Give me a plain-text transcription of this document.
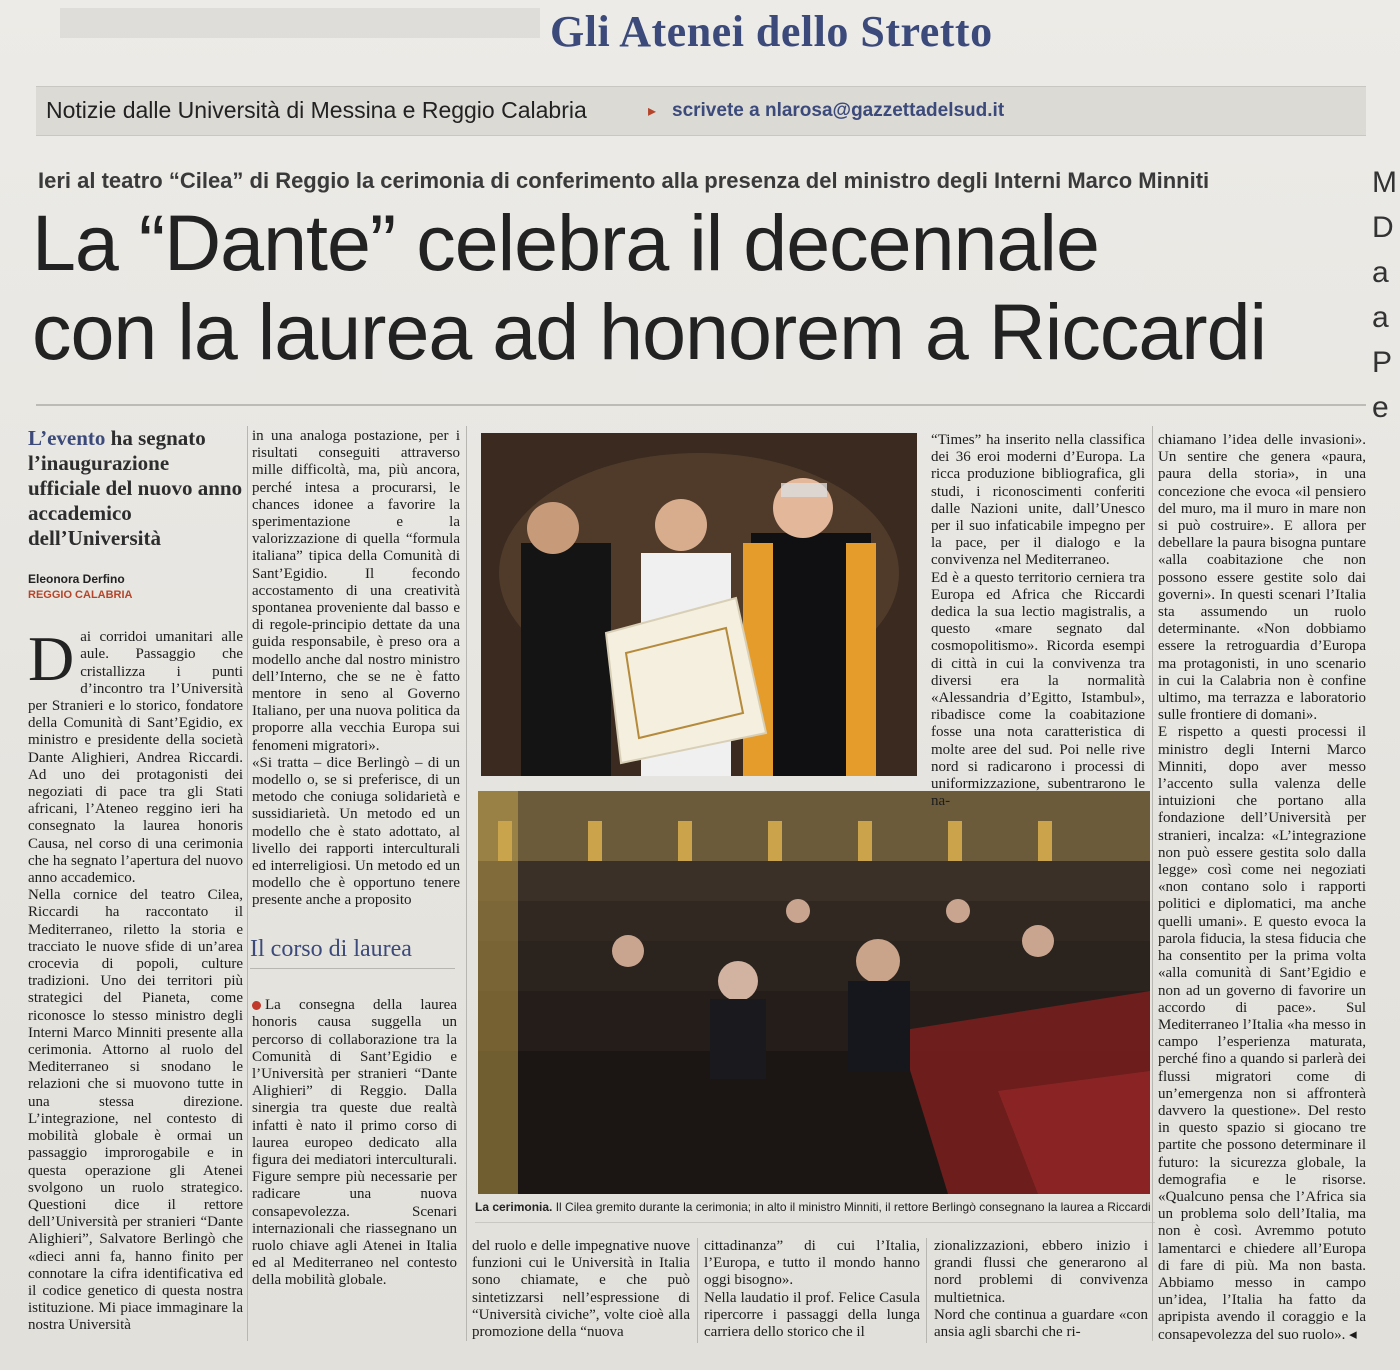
Gli Atenei dello Stretto
Notizie dalle Università di Messina e Reggio Calabria	▸ scrivete a nlarosa@gazzettadelsud.it
Ieri al teatro “Cilea” di Reggio la cerimonia di conferimento alla presenza del ministro degli Interni Marco Minniti
La “Dante” celebra il decennale
con la laurea ad honorem a Riccardi
L’evento ha segnato l’inaugurazione ufficiale del nuovo anno accademico dell’Università
Eleonora Derfino
REGGIO CALABRIA

Dai corridoi umanitari alle aule. Passaggio che cristallizza i punti d’incontro tra l’Università per Stranieri e lo storico, fondatore della Comunità di Sant’Egidio, ex ministro e presidente della società Dante Alighieri, Andrea Riccardi. Ad uno dei protagonisti dei negoziati di pace tra gli Stati africani, l’Ateneo reggino ieri ha consegnato la laurea honoris Causa, nel corso di una cerimonia che ha segnato l’apertura del nuovo anno accademico.
Nella cornice del teatro Cilea, Riccardi ha raccontato il Mediterraneo, riletto la storia e tracciato le nuove sfide di un’area crocevia di popoli, culture tradizioni. Uno dei territori più strategici del Pianeta, come riconosce lo stesso ministro degli Interni Marco Minniti presente alla cerimonia. Attorno al ruolo del Mediterraneo si snodano le relazioni che si muovono tutte in una stessa direzione. L’integrazione, nel contesto di mobilità globale è ormai un passaggio improrogabile e in questa operazione gli Atenei svolgono un ruolo strategico. Questioni dice il rettore dell’Università per stranieri “Dante Alighieri”, Salvatore Berlingò che «dieci anni fa, hanno finito per connotare la cifra identificativa ed il codice genetico di questa nostra istituzione. Mi piace immaginare la nostra Università

in una analoga postazione, per i risultati conseguiti attraverso mille difficoltà, ma, più ancora, perché intesa a procurarsi, le chances idonee a favorire la sperimentazione e la valorizzazione di quella “formula italiana” tipica della Comunità di Sant’Egidio. Il fecondo accostamento di una creatività spontanea proveniente dal basso e di regole-principio dettate da una guida responsabile, è preso ora a modello anche dal nostro ministro dell’Interno, che se ne è fatto mentore in seno al Governo Italiano, per una nuova politica da proporre alla vecchia Europa sui fenomeni migratori».
«Si tratta – dice Berlingò – di un modello o, se si preferisce, di un metodo che coniuga solidarietà e sussidiarietà. Un metodo ed un modello che è stato adottato, al livello dei rapporti interculturali ed interreligiosi. Un metodo ed un modello che è opportuno tenere presente anche a proposito
Il corso di laurea

La consegna della laurea honoris causa suggella un percorso di collaborazione tra la Comunità di Sant’Egidio e l’Università per stranieri “Dante Alighieri” di Reggio. Dalla sinergia tra queste due realtà infatti è nato il primo corso di laurea europeo dedicato alla figura dei mediatori interculturali. Figure sempre più necessarie per radicare una nuova consapevolezza. Scenari internazionali che riassegnano un ruolo chiave agli Atenei in Italia ed al Mediterraneo nel contesto della mobilità globale.

La cerimonia. Il Cilea gremito durante la cerimonia; in alto il ministro Minniti, il rettore Berlingò consegnano la laurea a Riccardi
del ruolo e delle impegnative nuove funzioni cui le Università in Italia sono chiamate, e che può sintetizzarsi nell’espressione di “Università civiche”, volte cioè alla promozione della “nuova
cittadinanza” di cui l’Italia, l’Europa, e tutto il mondo hanno oggi bisogno».
Nella laudatio il prof. Felice Casula ripercorre i passaggi della lunga carriera dello storico che il
zionalizzazioni, ebbero inizio i grandi flussi che generarono al nord problemi di convivenza multietnica.
Nord che continua a guardare «con ansia agli sbarchi che ri-
“Times” ha inserito nella classifica dei 36 eroi moderni d’Europa. La ricca produzione bibliografica, gli studi, i riconoscimenti conferiti dalle Nazioni unite, dall’Unesco per il suo infaticabile impegno per la pace, per il dialogo e la convivenza nel Mediterraneo.
Ed è a questo territorio cerniera tra Europa ed Africa che Riccardi dedica la sua lectio magistralis, a questo «mare segnato dal cosmopolitismo». Ricorda esempi di città in cui la convivenza tra diversi era la normalità «Alessandria d’Egitto, Istambul», ribadisce come la coabitazione fosse una nota caratteristica di molte aree del sud. Poi nelle rive nord si radicarono i processi di uniformizzazione, subentrarono le na-
chiamano l’idea delle invasioni». Un sentire che genera «paura, paura della storia», in una concezione che evoca «il pensiero del muro, ma il muro in mare non si può costruire». E allora per debellare la paura bisogna puntare «alla coabitazione che non possono essere gestite solo dai governi». In questi scenari l’Italia sta assumendo un ruolo determinante. «Non dobbiamo essere la retroguardia d’Europa ma protagonisti, in uno scenario in cui la Calabria non è confine ultimo, ma terrazza e laboratorio sulle frontiere di domani».
E rispetto a questi processi il ministro degli Interni Marco Minniti, dopo aver messo l’accento sulla valenza delle intuizioni che portano alla fondazione dell’Università per stranieri, incalza: «L’integrazione non può essere gestita solo dalla legge» così come nei negoziati «non contano solo i rapporti politici e diplomatici, ma anche quelli umani». E questo evoca la parola fiducia, la stesa fiducia che ha consentito per la prima volta «alla comunità di Sant’Egidio e non ad un governo di favorire un accordo di pace». Sul Mediterraneo l’Italia «ha messo in campo l’esperienza maturata, perché fino a quando si parlerà dei flussi migratori come di un’emergenza non si affronterà davvero la questione». Del resto in questo spazio si giocano tre partite che possono determinare il futuro: la sicurezza globale, la demografia e le risorse. «Qualcuno pensa che l’Africa sia un problema solo dell’Italia, ma non è così. Avremmo potuto lamentarci e chiedere all’Europa di fare di più. Ma non basta. Abbiamo messo in campo un’idea, l’Italia ha fatto da apripista avendo il coraggio e la consapevolezza del suo ruolo». ◂
M
D
a
a
P
e
